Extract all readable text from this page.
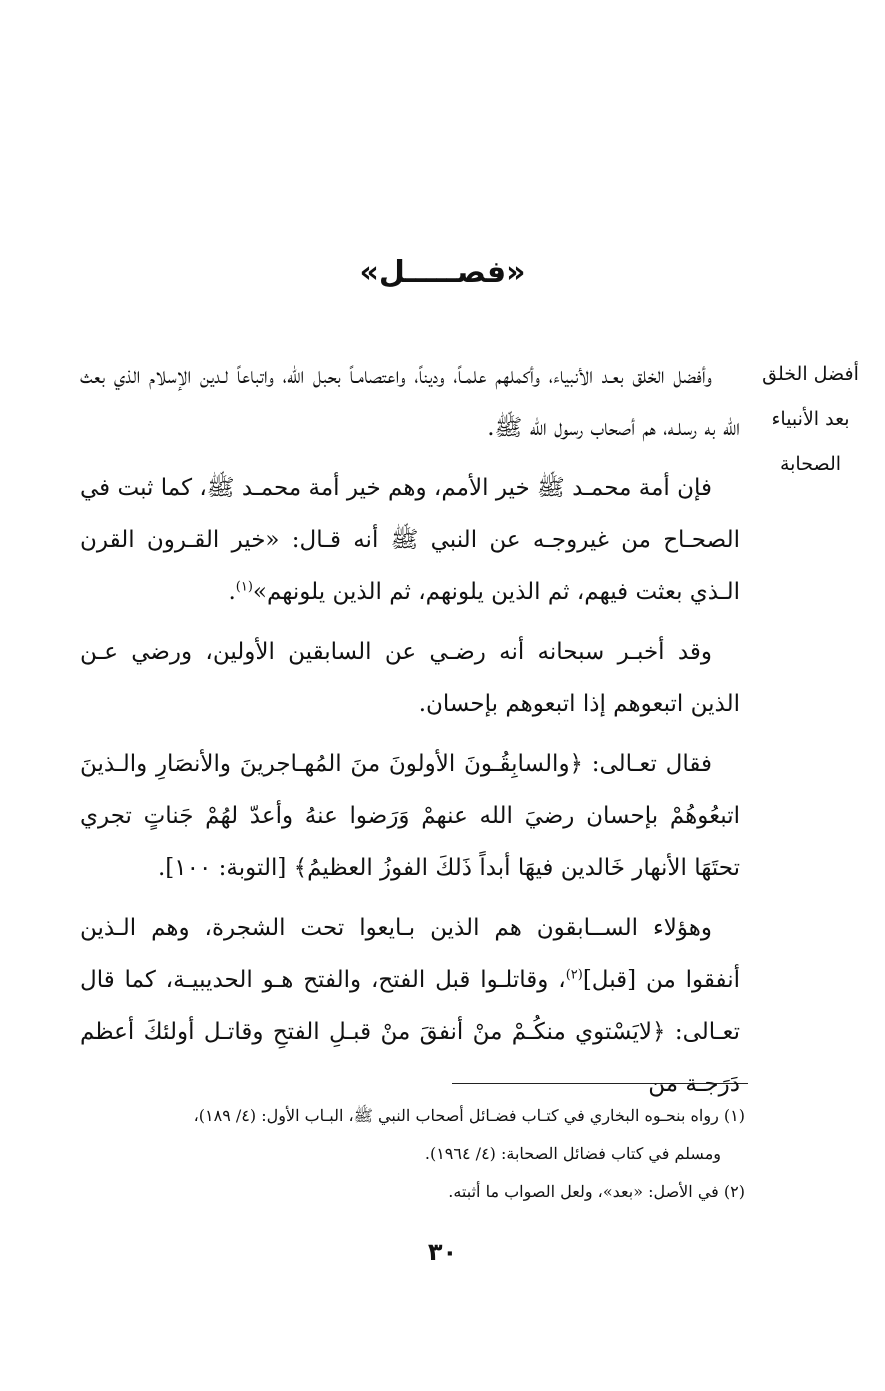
«فصـــــل»
أفضل الخلق
بعد الأنبياء
الصحابة

وأفضل الخلق بعـد الأنبياء، وأكملهم علمـاً، وديناً، واعتصامـاً بحبل الله، واتباعاً لـدين الإسلام الذي بعث الله به رسلـه، هم أصحاب رسول الله ﷺ.

فإن أمة محمـد ﷺ خير الأمم، وهم خير أمة محمـد ﷺ، كما ثبت في الصحـاح من غيروجـه عن النبي ﷺ أنه قـال: «خير القـرون القرن الـذي بعثت فيهم، ثم الذين يلونهم، ثم الذين يلونهم»$^{(١)}$.

وقد أخبـر سبحانه أنه رضـي عن السابقين الأولين، ورضي عـن الذين اتبعوهم إذا اتبعوهم بإحسان.

فقال تعـالى: ﴿والسابِقُـونَ الأولونَ منَ المُهـاجرينَ والأنصَارِ والـذينَ اتبعُوهُمْ بإحسان رضيَ الله عنهمْ وَرَضوا عنهُ وأعدّ لهُمْ جَناتٍ تجري تحتَهَا الأنهار خَالدين فيهَا أبداً ذَلكَ الفوزُ العظيمُ﴾ [التوبة: ١٠٠].

وهؤلاء الســابقون هم الذين بـايعوا تحت الشجرة، وهم الـذين أنفقوا من [قبل]$^{(٢)}$، وقاتلـوا قبل الفتح، والفتح هـو الحديبيـة، كما قال تعـالى: ﴿لايَسْتوي منكُـمْ منْ أنفقَ منْ قبـلِ الفتحِ وقاتـل أولئكَ أعظم دَرَجـة من

(١) رواه بنحـوه البخاري في كتـاب فضـائل أصحاب النبي ﷺ، البـاب الأول: (٤/ ١٨٩)،
ومسلم في كتاب فضائل الصحابة: (٤/ ١٩٦٤).
(٢) في الأصل: «بعد»، ولعل الصواب ما أثبته.
٣٠
